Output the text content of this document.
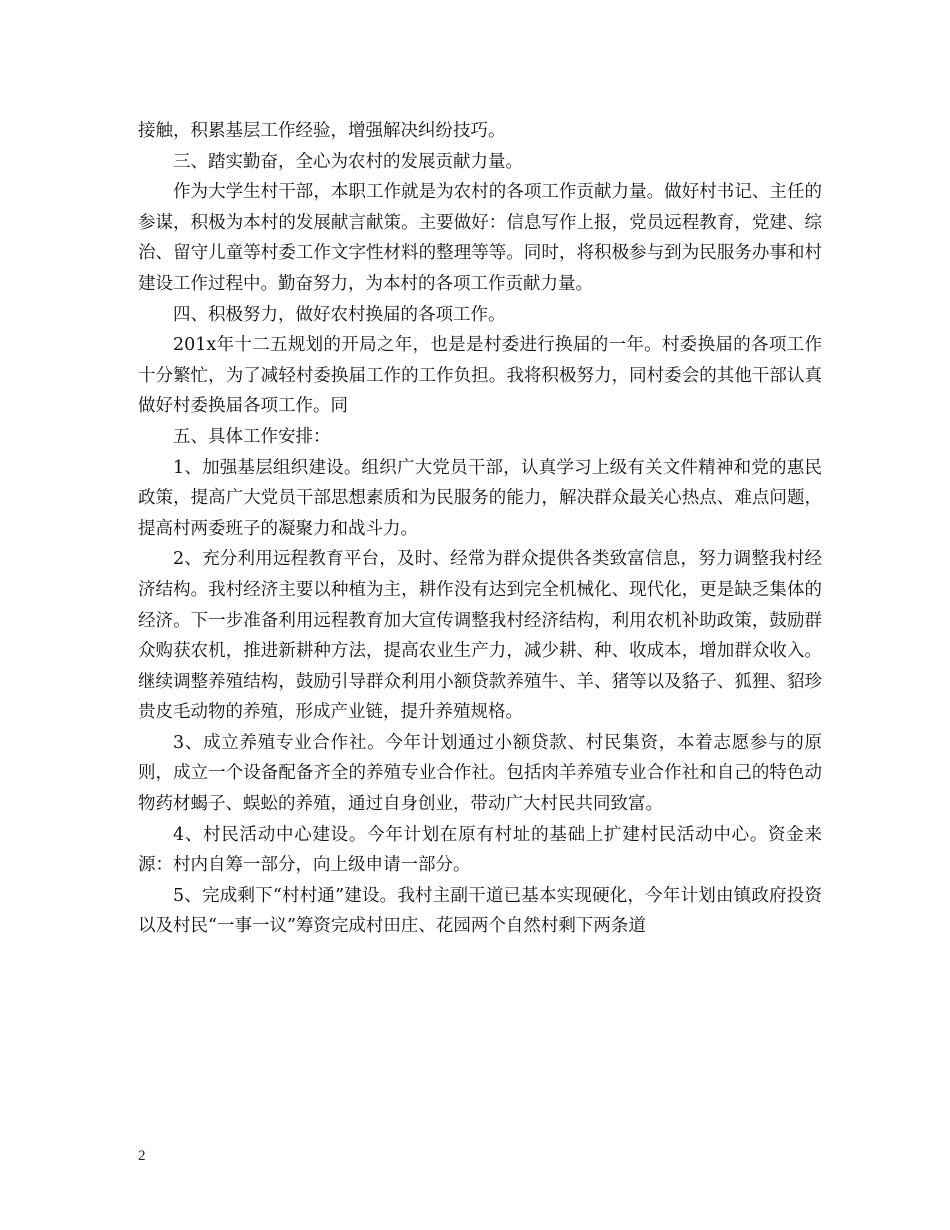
接触，积累基层工作经验，增强解决纠纷技巧。

三、踏实勤奋，全心为农村的发展贡献力量。

作为大学生村干部，本职工作就是为农村的各项工作贡献力量。做好村书记、主任的参谋，积极为本村的发展献言献策。主要做好：信息写作上报，党员远程教育，党建、综治、留守儿童等村委工作文字性材料的整理等等。同时，将积极参与到为民服务办事和村建设工作过程中。勤奋努力，为本村的各项工作贡献力量。

四、积极努力，做好农村换届的各项工作。

201x年十二五规划的开局之年，也是是村委进行换届的一年。村委换届的各项工作十分繁忙，为了减轻村委换届工作的工作负担。我将积极努力，同村委会的其他干部认真做好村委换届各项工作。同

五、具体工作安排：

1、加强基层组织建设。组织广大党员干部，认真学习上级有关文件精神和党的惠民政策，提高广大党员干部思想素质和为民服务的能力，解决群众最关心热点、难点问题，提高村两委班子的凝聚力和战斗力。

2、充分利用远程教育平台，及时、经常为群众提供各类致富信息，努力调整我村经济结构。我村经济主要以种植为主，耕作没有达到完全机械化、现代化，更是缺乏集体的经济。下一步准备利用远程教育加大宣传调整我村经济结构，利用农机补助政策，鼓励群众购获农机，推进新耕种方法，提高农业生产力，减少耕、种、收成本，增加群众收入。继续调整养殖结构，鼓励引导群众利用小额贷款养殖牛、羊、猪等以及貉子、狐狸、貂珍贵皮毛动物的养殖，形成产业链，提升养殖规格。

3、成立养殖专业合作社。今年计划通过小额贷款、村民集资，本着志愿参与的原则，成立一个设备配备齐全的养殖专业合作社。包括肉羊养殖专业合作社和自己的特色动物药材蝎子、蜈蚣的养殖，通过自身创业，带动广大村民共同致富。

4、村民活动中心建设。今年计划在原有村址的基础上扩建村民活动中心。资金来源：村内自筹一部分，向上级申请一部分。

5、完成剩下“村村通”建设。我村主副干道已基本实现硬化，今年计划由镇政府投资以及村民“一事一议”筹资完成村田庄、花园两个自然村剩下两条道

2
